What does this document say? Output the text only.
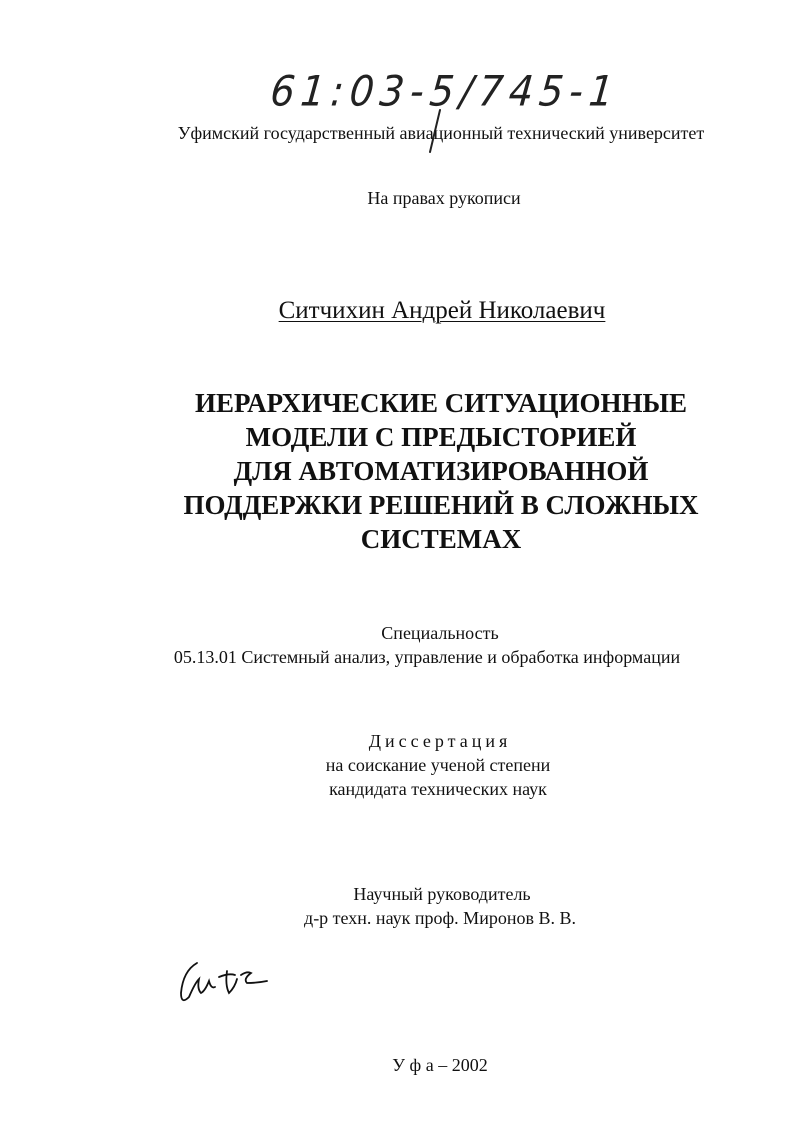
61:03-5/745-1
Уфимский государственный авиационный технический университет
На правах рукописи
Ситчихин Андрей Николаевич
ИЕРАРХИЧЕСКИЕ СИТУАЦИОННЫЕ
МОДЕЛИ С ПРЕДЫСТОРИЕЙ
ДЛЯ АВТОМАТИЗИРОВАННОЙ
ПОДДЕРЖКИ РЕШЕНИЙ В СЛОЖНЫХ
СИСТЕМАХ
Специальность
05.13.01 Системный анализ, управление и обработка информации
Диссертация
на соискание ученой степени
кандидата технических наук
Научный руководитель
д-р техн. наук проф. Миронов В. В.
У ф а – 2002
